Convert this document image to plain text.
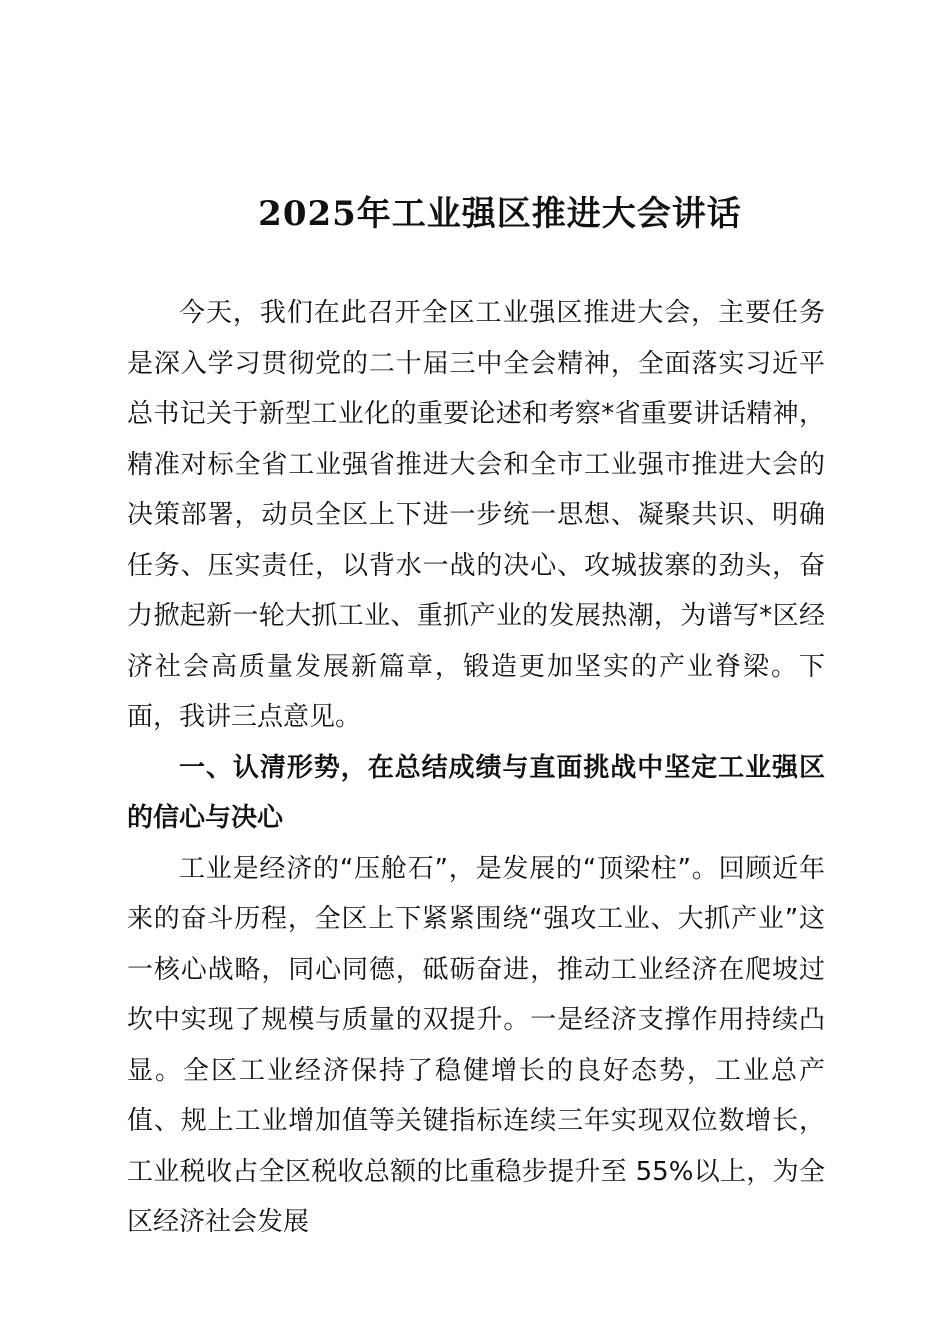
2025年工业强区推进大会讲话

今天，我们在此召开全区工业强区推进大会，主要任务是深入学习贯彻党的二十届三中全会精神，全面落实习近平总书记关于新型工业化的重要论述和考察*省重要讲话精神，精准对标全省工业强省推进大会和全市工业强市推进大会的决策部署，动员全区上下进一步统一思想、凝聚共识、明确任务、压实责任，以背水一战的决心、攻城拔寨的劲头，奋力掀起新一轮大抓工业、重抓产业的发展热潮，为谱写*区经济社会高质量发展新篇章，锻造更加坚实的产业脊梁。下面，我讲三点意见。

一、认清形势，在总结成绩与直面挑战中坚定工业强区的信心与决心

工业是经济的“压舱石”，是发展的“顶梁柱”。回顾近年来的奋斗历程，全区上下紧紧围绕“强攻工业、大抓产业”这一核心战略，同心同德，砥砺奋进，推动工业经济在爬坡过坎中实现了规模与质量的双提升。一是经济支撑作用持续凸显。全区工业经济保持了稳健增长的良好态势，工业总产值、规上工业增加值等关键指标连续三年实现双位数增长，工业税收占全区税收总额的比重稳步提升至 55%以上，为全区经济社会发展
